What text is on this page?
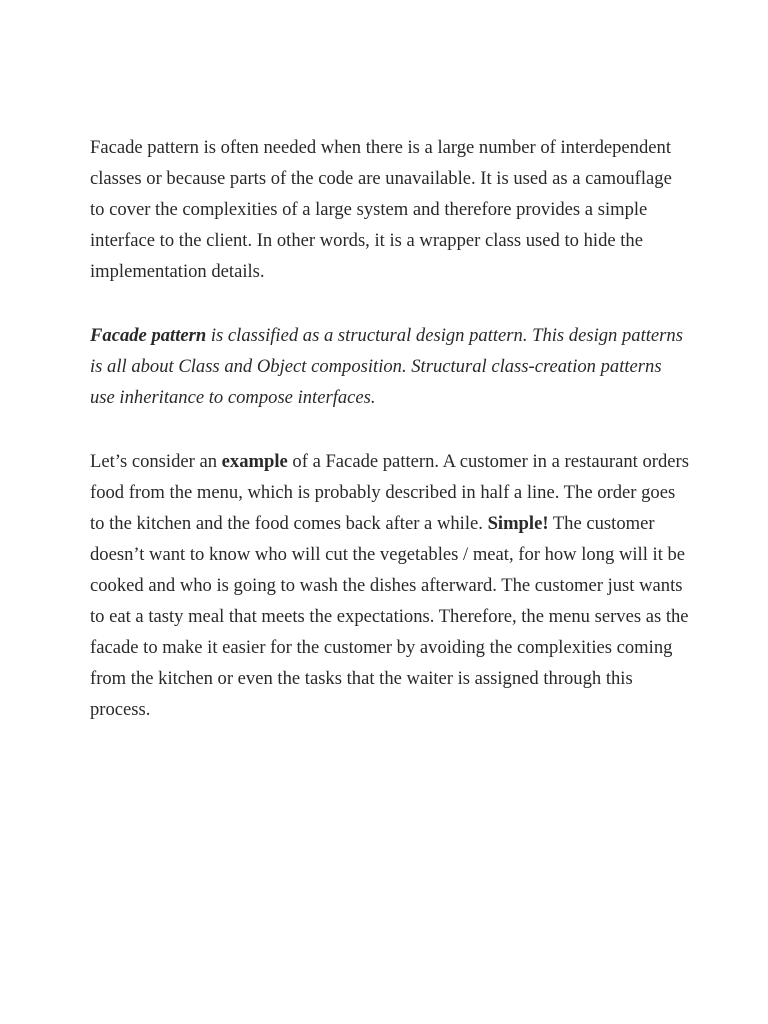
Facade pattern is often needed when there is a large number of interdependent classes or because parts of the code are unavailable. It is used as a camouflage to cover the complexities of a large system and therefore provides a simple interface to the client. In other words, it is a wrapper class used to hide the implementation details.

Facade pattern is classified as a structural design pattern. This design patterns is all about Class and Object composition. Structural class-creation patterns use inheritance to compose interfaces.

Let’s consider an example of a Facade pattern. A customer in a restaurant orders food from the menu, which is probably described in half a line. The order goes to the kitchen and the food comes back after a while. Simple! The customer doesn’t want to know who will cut the vegetables / meat, for how long will it be cooked and who is going to wash the dishes afterward. The customer just wants to eat a tasty meal that meets the expectations. Therefore, the menu serves as the facade to make it easier for the customer by avoiding the complexities coming from the kitchen or even the tasks that the waiter is assigned through this process.
